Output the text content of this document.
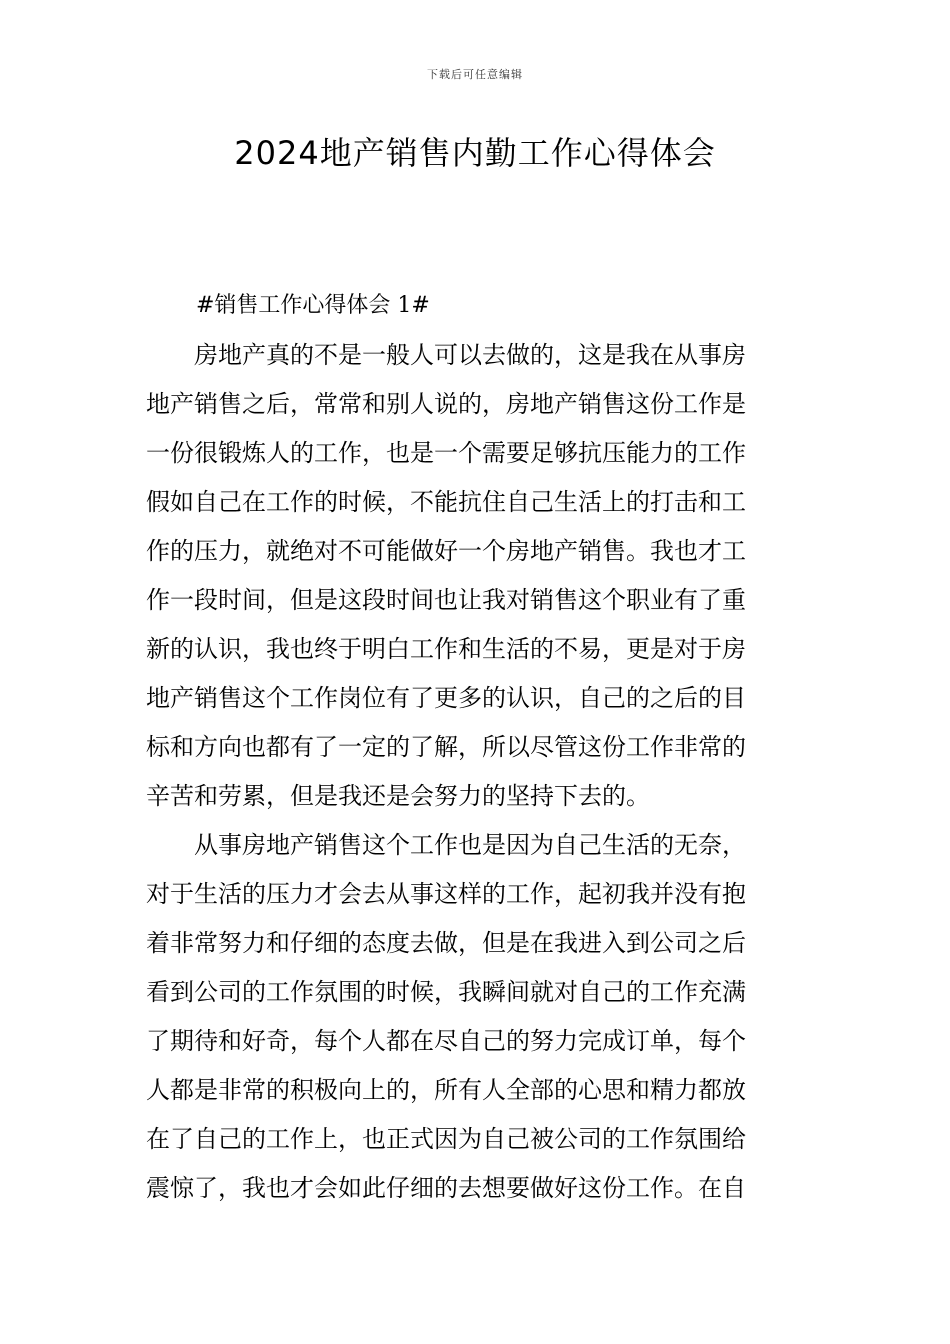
下载后可任意编辑
2024地产销售内勤工作心得体会
#销售工作心得体会 1#
房地产真的不是一般人可以去做的，这是我在从事房
地产销售之后，常常和别人说的，房地产销售这份工作是
一份很锻炼人的工作，也是一个需要足够抗压能力的工作
假如自己在工作的时候，不能抗住自己生活上的打击和工
作的压力，就绝对不可能做好一个房地产销售。我也才工
作一段时间，但是这段时间也让我对销售这个职业有了重
新的认识，我也终于明白工作和生活的不易，更是对于房
地产销售这个工作岗位有了更多的认识，自己的之后的目
标和方向也都有了一定的了解，所以尽管这份工作非常的
辛苦和劳累，但是我还是会努力的坚持下去的。
从事房地产销售这个工作也是因为自己生活的无奈，
对于生活的压力才会去从事这样的工作，起初我并没有抱
着非常努力和仔细的态度去做，但是在我进入到公司之后
看到公司的工作氛围的时候，我瞬间就对自己的工作充满
了期待和好奇，每个人都在尽自己的努力完成订单，每个
人都是非常的积极向上的，所有人全部的心思和精力都放
在了自己的工作上，也正式因为自己被公司的工作氛围给
震惊了，我也才会如此仔细的去想要做好这份工作。在自
